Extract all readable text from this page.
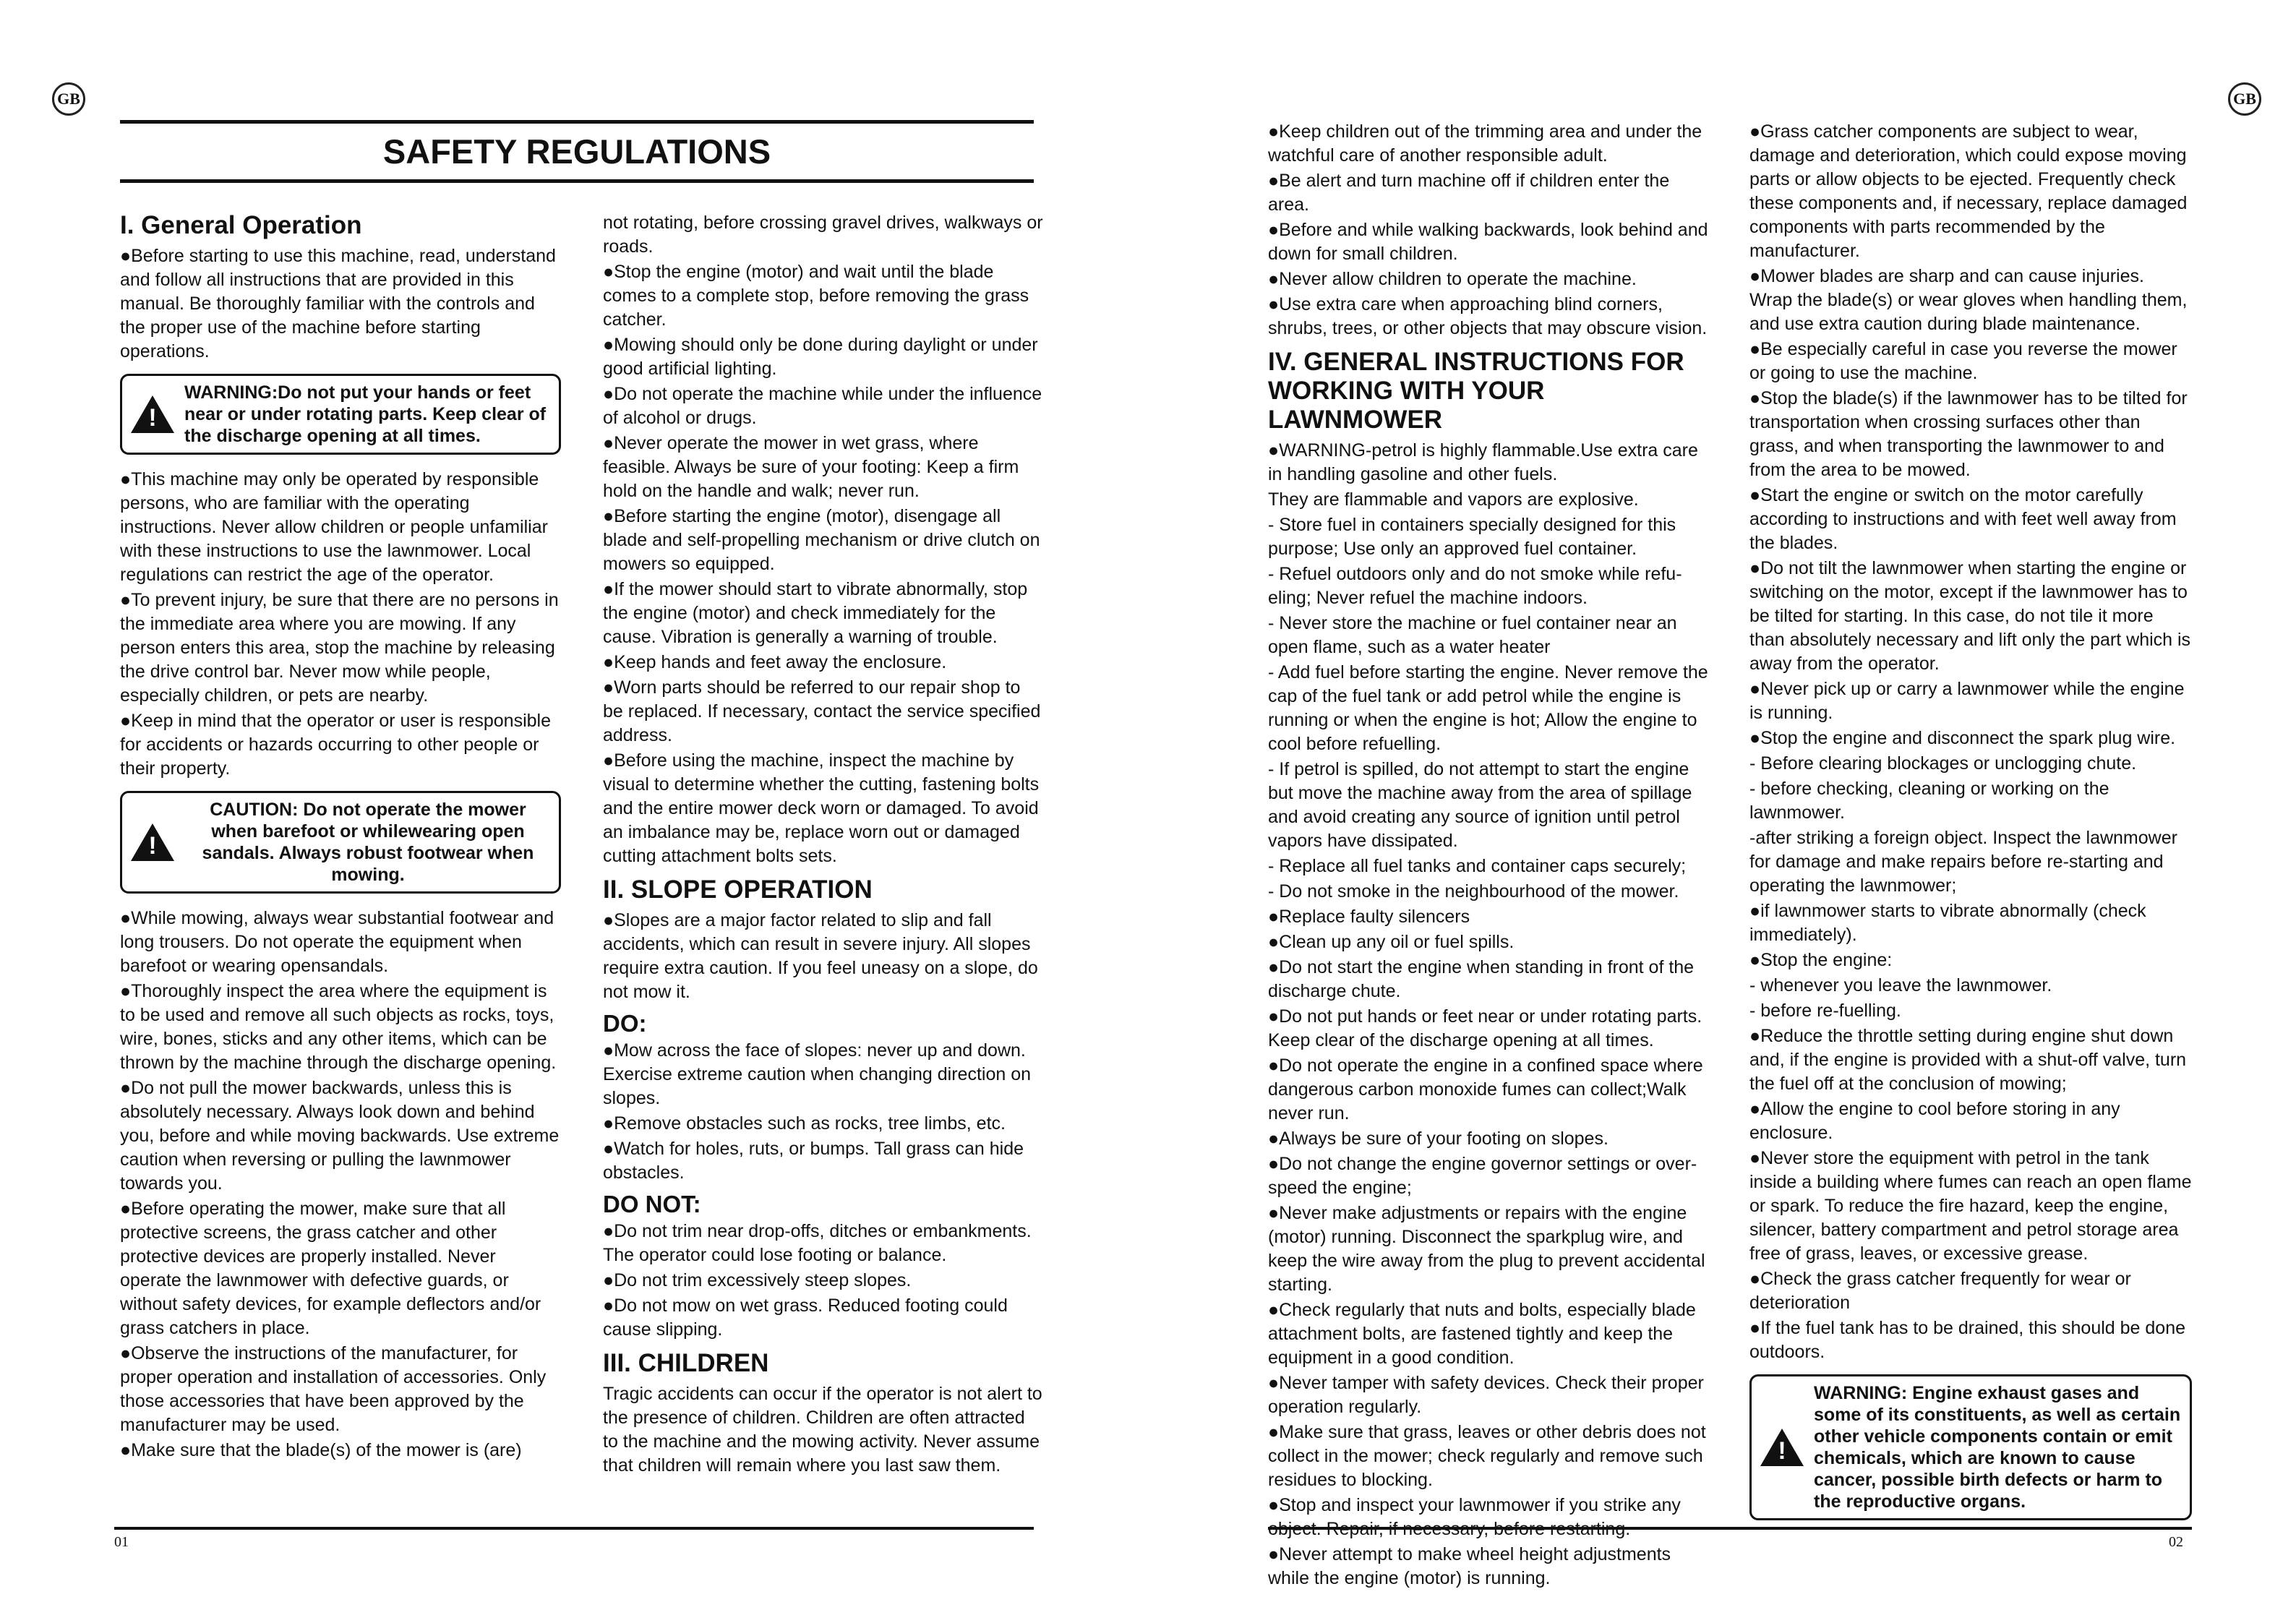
GB	GB
SAFETY REGULATIONS
I. General Operation

●Before starting to use this machine, read, understand and follow all instructions that are provided in this manual. Be thoroughly familiar with the controls and the proper use of the machine before starting operations.

!
WARNING:Do not put your hands or feet near or under rotating parts. Keep clear of the discharge opening at all times.

●This machine may only be operated by responsible persons, who are familiar with the operating instructions. Never allow children or people unfamiliar with these instructions to use the lawnmower. Local regulations can restrict the age of the operator.

●To prevent injury, be sure that there are no persons in the immediate area where you are mowing. If any person enters this area, stop the machine by releasing the drive control bar. Never mow while people, especially children, or pets are nearby.

●Keep in mind that the operator or user is responsible for accidents or hazards occurring to other people or their property.

!
CAUTION: Do not operate the mower when barefoot or whilewearing open sandals. Always robust footwear when mowing.

●While mowing, always wear substantial footwear and long trousers. Do not operate the equipment when barefoot or wearing opensandals.

●Thoroughly inspect the area where the equipment is to be used and remove all such objects as rocks, toys, wire, bones, sticks and any other items, which can be thrown by the machine through the discharge opening.

●Do not pull the mower backwards, unless this is absolutely necessary. Always look down and behind you, before and while moving backwards. Use extreme caution when reversing or pulling the lawnmower towards you.

●Before operating the mower, make sure that all protective screens, the grass catcher and other protective devices are properly installed. Never operate the lawnmower with defective guards, or without safety devices, for example deflectors and/or grass catchers in place.

●Observe the instructions of the manufacturer, for proper operation and installation of accessories. Only those accessories that have been approved by the manufacturer may be used.

●Make sure that the blade(s) of the mower is (are)

not rotating, before crossing gravel drives, walkways or roads.

●Stop the engine (motor) and wait until the blade comes to a complete stop, before removing the grass catcher.

●Mowing should only be done during daylight or under good artificial lighting.

●Do not operate the machine while under the influence of alcohol or drugs.

●Never operate the mower in wet grass, where feasible. Always be sure of your footing: Keep a firm hold on the handle and walk; never run.

●Before starting the engine (motor), disengage all blade and self-propelling mechanism or drive clutch on mowers so equipped.

●If the mower should start to vibrate abnormally, stop the engine (motor) and check immediately for the cause. Vibration is generally a warning of trouble.

●Keep hands and feet away the enclosure.

●Worn parts should be referred to our repair shop to be replaced. If necessary, contact the service specified address.

●Before using the machine, inspect the machine by visual to determine whether the cutting, fastening bolts and the entire mower deck worn or damaged. To avoid an imbalance may be, replace worn out or damaged cutting attachment bolts sets.

II. SLOPE OPERATION

●Slopes are a major factor related to slip and fall accidents, which can result in severe injury. All slopes require extra caution. If you feel uneasy on a slope, do not mow it.

DO:

●Mow across the face of slopes: never up and down. Exercise extreme caution when changing direction on slopes.

●Remove obstacles such as rocks, tree limbs, etc.

●Watch for holes, ruts, or bumps. Tall grass can hide obstacles.

DO NOT:

●Do not trim near drop-offs, ditches or embankments. The operator could lose footing or balance.

●Do not trim excessively steep slopes.

●Do not mow on wet grass. Reduced footing could cause slipping.

III. CHILDREN

Tragic accidents can occur if the operator is not alert to the presence of children. Children are often attracted to the machine and the mowing activity. Never assume that children will remain where you last saw them.

01

●Keep children out of the trimming area and under the watchful care of another responsible adult.

●Be alert and turn machine off if children enter the area.

●Before and while walking backwards, look behind and down for small children.

●Never allow children to operate the machine.

●Use extra care when approaching blind corners, shrubs, trees, or other objects that may obscure vision.

IV. GENERAL INSTRUCTIONS FOR WORKING WITH YOUR LAWNMOWER

●WARNING-petrol is highly flammable.Use extra care in handling gasoline and other fuels.

They are flammable and vapors are explosive.

- Store fuel in containers specially designed for this purpose; Use only an approved fuel container.

- Refuel outdoors only and do not smoke while refu-eling; Never refuel the machine indoors.

- Never store the machine or fuel container near an open flame, such as a water heater

- Add fuel before starting the engine. Never remove the cap of the fuel tank or add petrol while the engine is running or when the engine is hot; Allow the engine to cool before refuelling.

- If petrol is spilled, do not attempt to start the engine but move the machine away from the area of spillage and avoid creating any source of ignition until petrol vapors have dissipated.

- Replace all fuel tanks and container caps securely;

- Do not smoke in the neighbourhood of the mower.

●Replace faulty silencers

●Clean up any oil or fuel spills.

●Do not start the engine when standing in front of the discharge chute.

●Do not put hands or feet near or under rotating parts. Keep clear of the discharge opening at all times.

●Do not operate the engine in a confined space where dangerous carbon monoxide fumes can collect;Walk never run.

●Always be sure of your footing on slopes.

●Do not change the engine governor settings or over-speed the engine;

●Never make adjustments or repairs with the engine (motor) running. Disconnect the sparkplug wire, and keep the wire away from the plug to prevent accidental starting.

●Check regularly that nuts and bolts, especially blade attachment bolts, are fastened tightly and keep the equipment in a good condition.

●Never tamper with safety devices. Check their proper operation regularly.

●Make sure that grass, leaves or other debris does not collect in the mower; check regularly and remove such residues to blocking.

●Stop and inspect your lawnmower if you strike any

●Never attempt to make wheel height adjustments while the engine (motor) is running.

●Grass catcher components are subject to wear, damage and deterioration, which could expose moving parts or allow objects to be ejected. Frequently check these components and, if necessary, replace damaged components with parts recommended by the manufacturer.

●Mower blades are sharp and can cause injuries. Wrap the blade(s) or wear gloves when handling them, and use extra caution during blade maintenance.

●Be especially careful in case you reverse the mower or going to use the machine.

●Stop the blade(s) if the lawnmower has to be tilted for transportation when crossing surfaces other than grass, and when transporting the lawnmower to and from the area to be mowed.

●Start the engine or switch on the motor carefully according to instructions and with feet well away from the blades.

●Do not tilt the lawnmower when starting the engine or switching on the motor, except if the lawnmower has to be tilted for starting. In this case, do not tile it more than absolutely necessary and lift only the part which is away from the operator.

●Never pick up or carry a lawnmower while the engine is running.

●Stop the engine and disconnect the spark plug wire.

- Before clearing blockages or unclogging chute.

- before checking, cleaning or working on the lawnmower.

-after striking a foreign object. Inspect the lawnmower for damage and make repairs before re-starting and operating the lawnmower;

●if lawnmower starts to vibrate abnormally (check immediately).

●Stop the engine:

- whenever you leave the lawnmower.

- before re-fuelling.

●Reduce the throttle setting during engine shut down and, if the engine is provided with a shut-off valve, turn the fuel off at the conclusion of mowing;

●Allow the engine to cool before storing in any enclosure.

●Never store the equipment with petrol in the tank inside a building where fumes can reach an open flame or spark. To reduce the fire hazard, keep the engine, silencer, battery compartment and petrol storage area free of grass, leaves, or excessive grease.

●Check the grass catcher frequently for wear or deterioration

●If the fuel tank has to be drained, this should be done outdoors.

!
WARNING: Engine exhaust gases and some of its constituents, as well as certain other vehicle components contain or emit chemicals, which are known to cause cancer, possible birth defects or harm to the reproductive organs.
02
